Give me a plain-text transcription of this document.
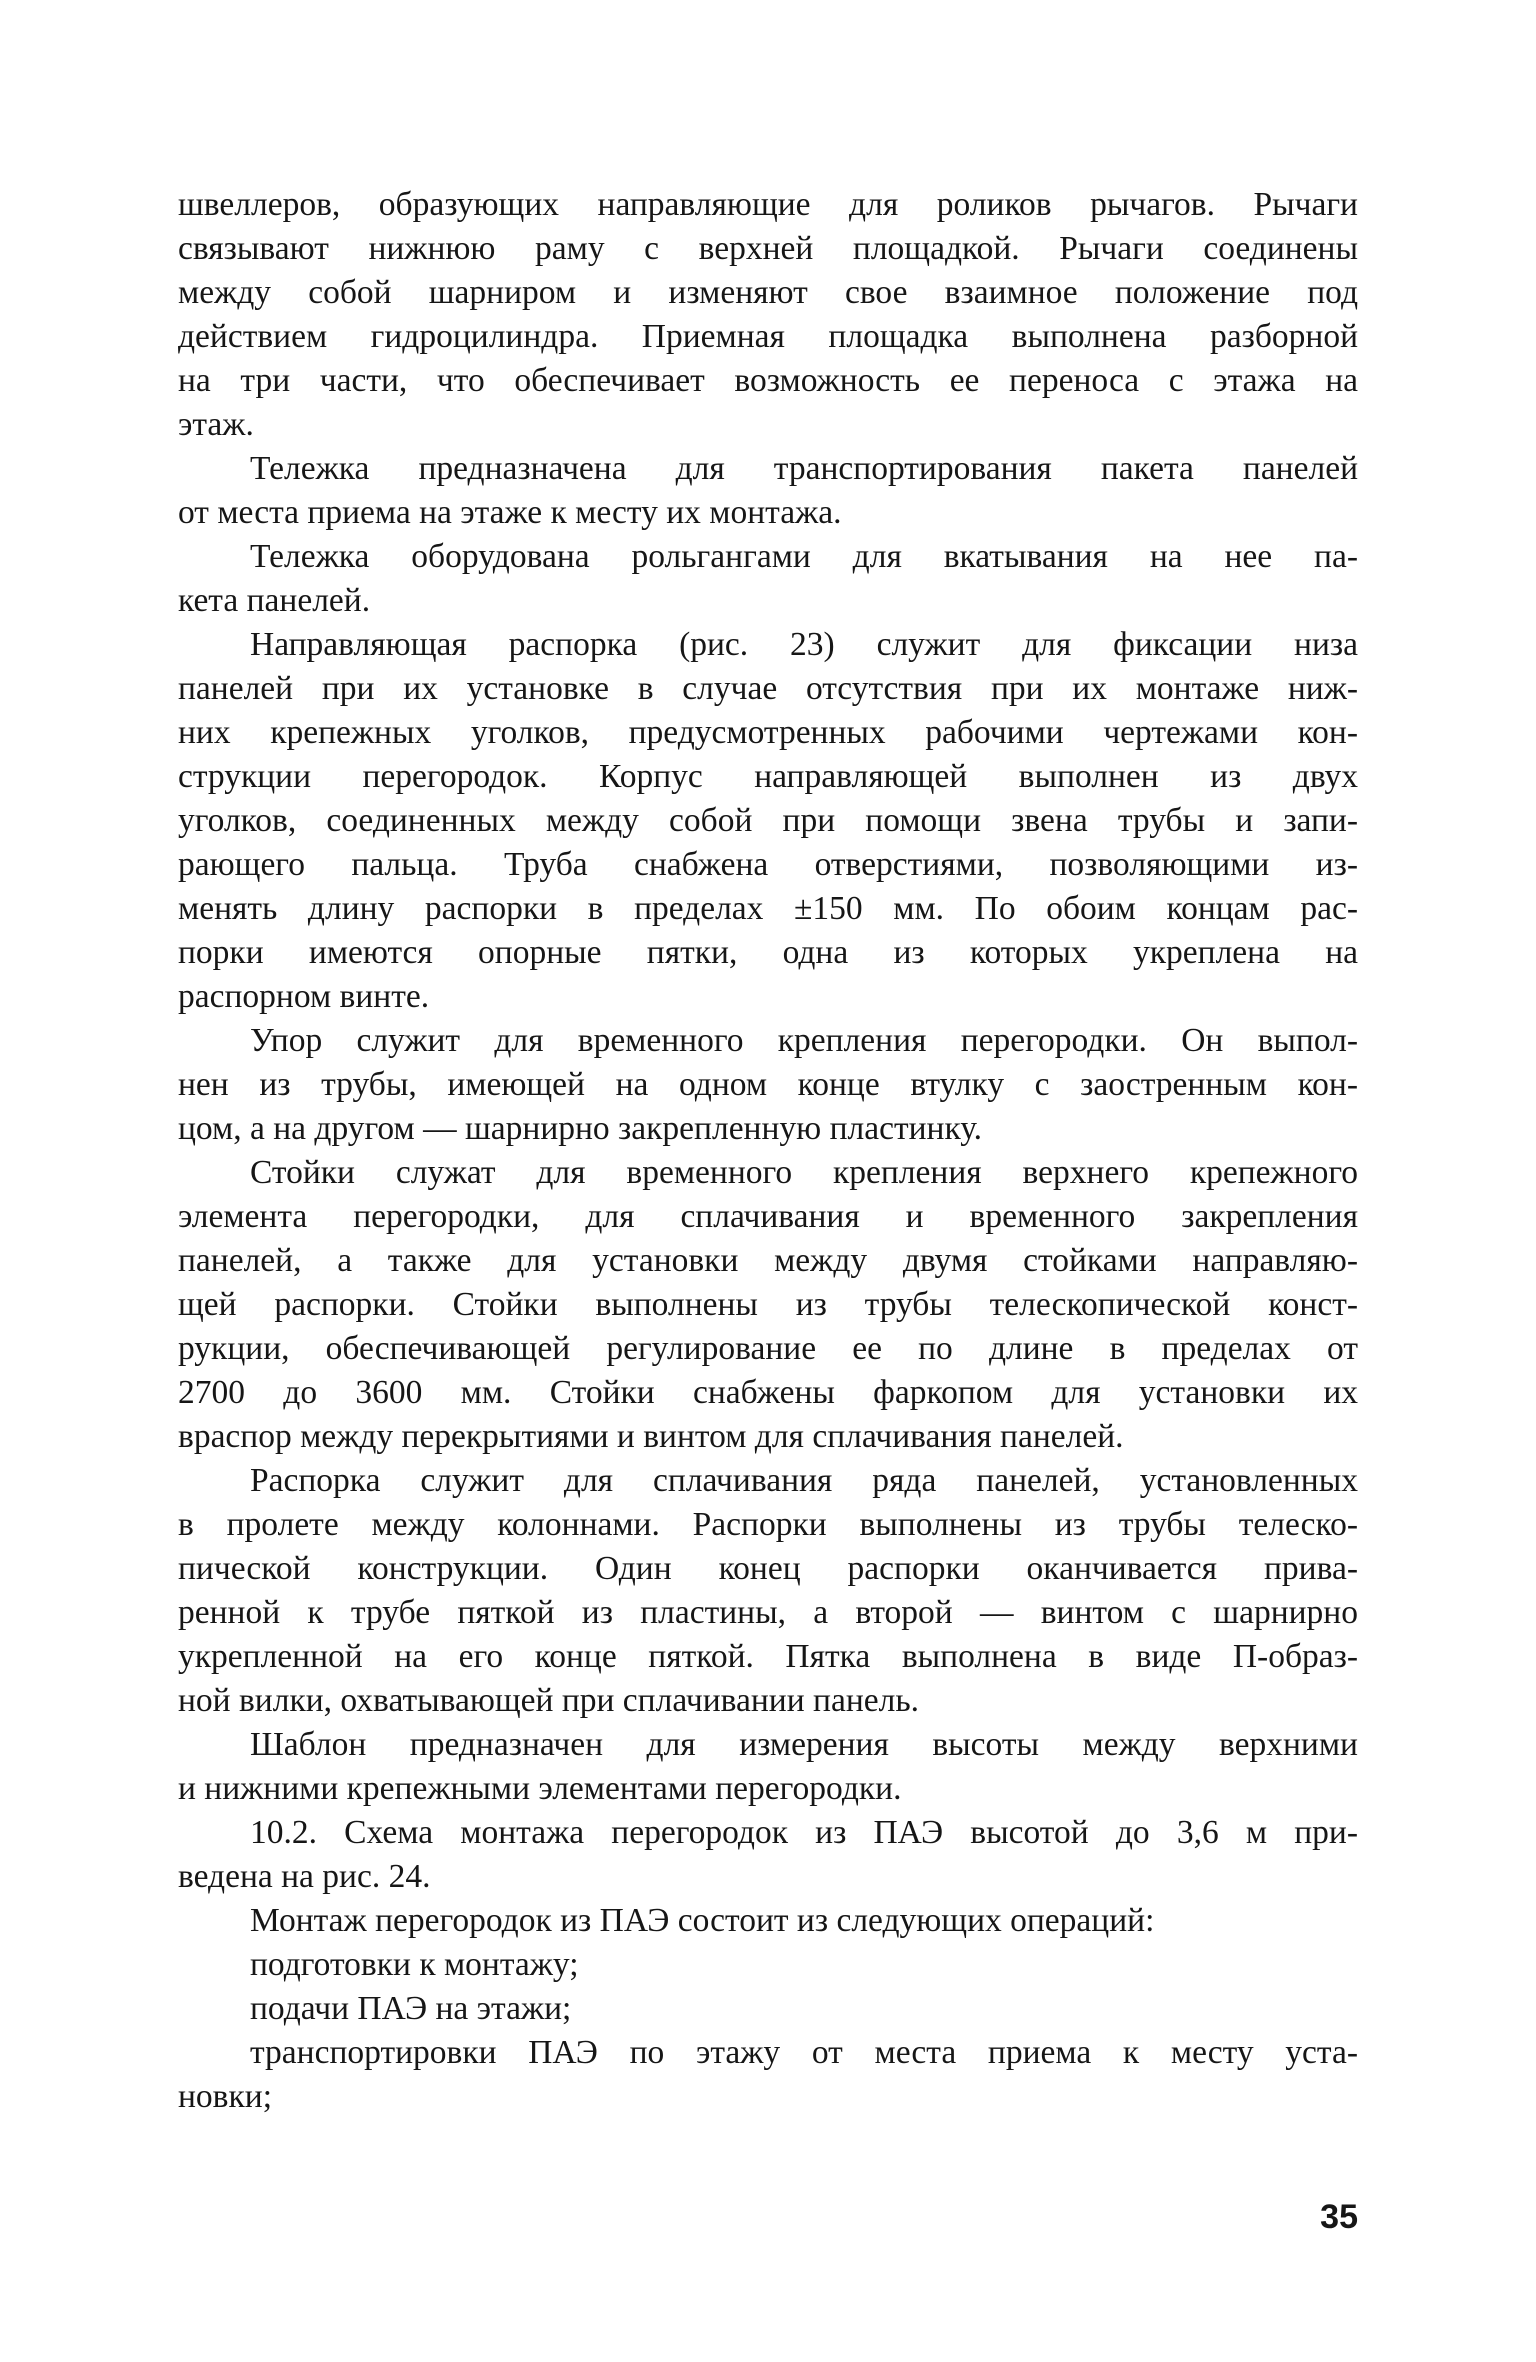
швеллеров, образующих направляющие для роликов рычагов. Рычаги
связывают нижнюю раму с верхней площадкой. Рычаги соединены
между собой шарниром и изменяют свое взаимное положение под
действием гидроцилиндра. Приемная площадка выполнена разборной
на три части, что обеспечивает возможность ее переноса с этажа на
этаж.
Тележка предназначена для транспортирования пакета панелей
от места приема на этаже к месту их монтажа.
Тележка оборудована рольгангами для вкатывания на нее па-
кета панелей.
Направляющая распорка (рис. 23) служит для фиксации низа
панелей при их установке в случае отсутствия при их монтаже ниж-
них крепежных уголков, предусмотренных рабочими чертежами кон-
струкции перегородок. Корпус направляющей выполнен из двух
уголков, соединенных между собой при помощи звена трубы и запи-
рающего пальца. Труба снабжена отверстиями, позволяющими из-
менять длину распорки в пределах ±150 мм. По обоим концам рас-
порки имеются опорные пятки, одна из которых укреплена на
распорном винте.
Упор служит для временного крепления перегородки. Он выпол-
нен из трубы, имеющей на одном конце втулку с заостренным кон-
цом, а на другом — шарнирно закрепленную пластинку.
Стойки служат для временного крепления верхнего крепежного
элемента перегородки, для сплачивания и временного закрепления
панелей, а также для установки между двумя стойками направляю-
щей распорки. Стойки выполнены из трубы телескопической конст-
рукции, обеспечивающей регулирование ее по длине в пределах от
2700 до 3600 мм. Стойки снабжены фаркопом для установки их
враспор между перекрытиями и винтом для сплачивания панелей.
Распорка служит для сплачивания ряда панелей, установленных
в пролете между колоннами. Распорки выполнены из трубы телеско-
пической конструкции. Один конец распорки оканчивается прива-
ренной к трубе пяткой из пластины, а второй — винтом с шарнирно
укрепленной на его конце пяткой. Пятка выполнена в виде П-образ-
ной вилки, охватывающей при сплачивании панель.
Шаблон предназначен для измерения высоты между верхними
и нижними крепежными элементами перегородки.
10.2. Схема монтажа перегородок из ПАЭ высотой до 3,6 м при-
ведена на рис. 24.
Монтаж перегородок из ПАЭ состоит из следующих операций:
подготовки к монтажу;
подачи ПАЭ на этажи;
транспортировки ПАЭ по этажу от места приема к месту уста-
новки;
35
